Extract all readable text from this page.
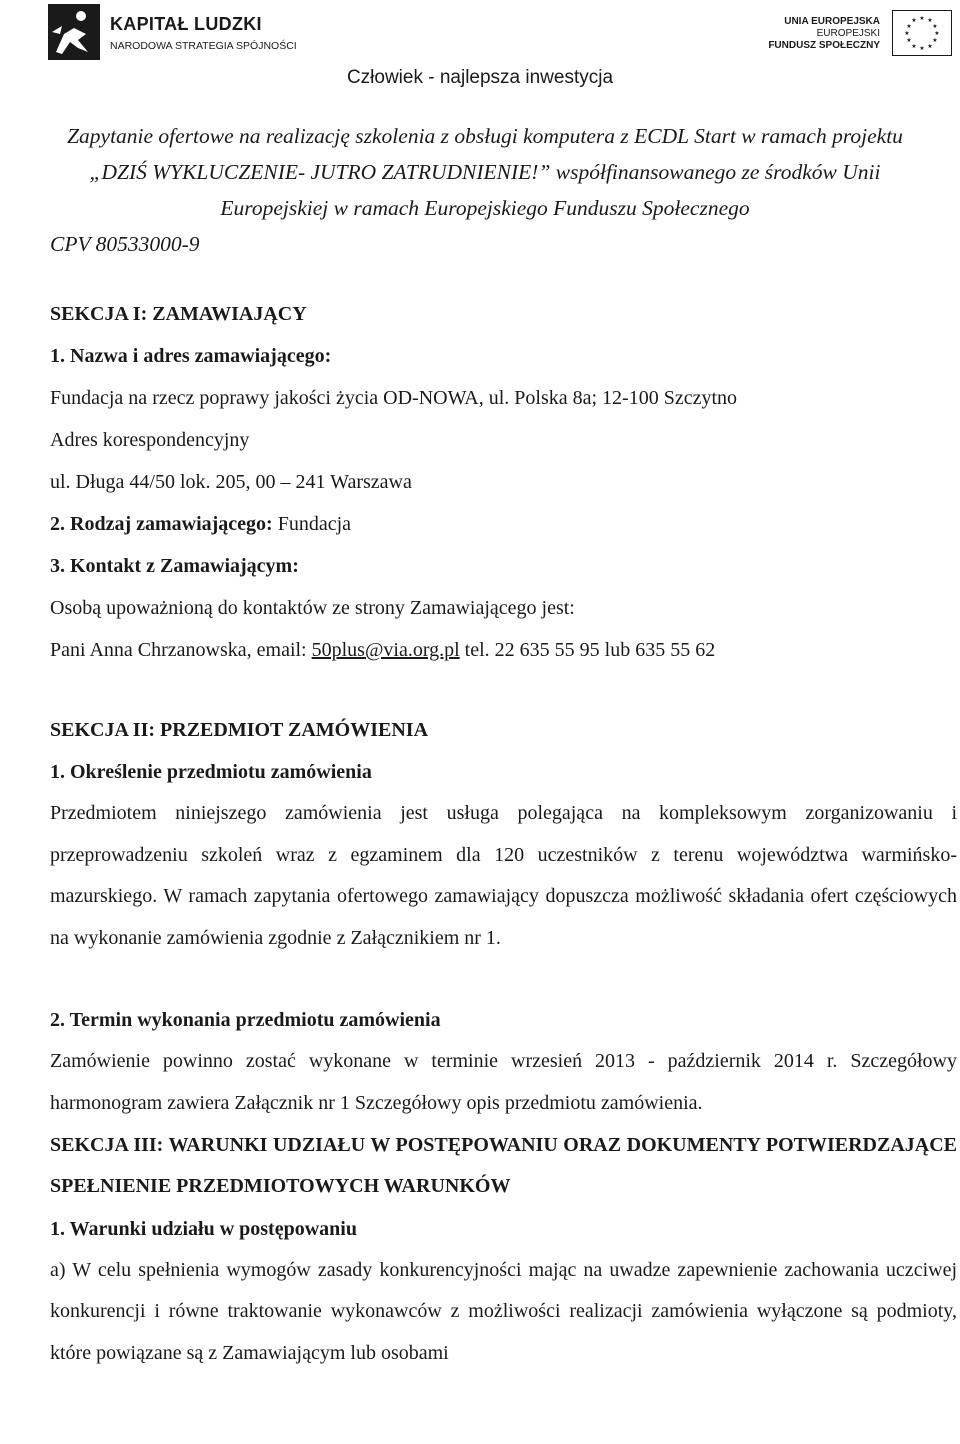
KAPITAŁ LUDZKI
NARODOWA STRATEGIA SPÓJNOŚCI
UNIA EUROPEJSKA
EUROPEJSKI
FUNDUSZ SPOŁECZNY
★ ★
★
★
★
★
★
★
★
★
★
★
Człowiek - najlepsza inwestycja
Zapytanie ofertowe na realizację szkolenia z obsługi komputera z ECDL Start w ramach projektu
„DZIŚ WYKLUCZENIE- JUTRO ZATRUDNIENIE!” współfinansowanego ze środków Unii
Europejskiej w ramach Europejskiego Funduszu Społecznego
CPV 80533000-9
SEKCJA I: ZAMAWIAJĄCY
1. Nazwa i adres zamawiającego:
Fundacja na rzecz poprawy jakości życia OD-NOWA, ul. Polska 8a; 12-100 Szczytno
Adres korespondencyjny
ul. Długa 44/50 lok. 205, 00 – 241 Warszawa
2. Rodzaj zamawiającego: Fundacja
3. Kontakt z Zamawiającym:
Osobą upoważnioną do kontaktów ze strony Zamawiającego jest:
Pani Anna Chrzanowska, email: 50plus@via.org.pl tel. 22 635 55 95 lub 635 55 62
SEKCJA II: PRZEDMIOT ZAMÓWIENIA
1. Określenie przedmiotu zamówienia
Przedmiotem niniejszego zamówienia jest usługa polegająca na kompleksowym zorganizowaniu i przeprowadzeniu szkoleń wraz z egzaminem dla 120 uczestników z terenu województwa warmińsko-mazurskiego. W ramach zapytania ofertowego zamawiający dopuszcza możliwość składania ofert częściowych na wykonanie zamówienia zgodnie z Załącznikiem nr 1.
2. Termin wykonania przedmiotu zamówienia
Zamówienie powinno zostać wykonane w terminie wrzesień 2013 - październik 2014 r. Szczegółowy harmonogram zawiera Załącznik nr 1 Szczegółowy opis przedmiotu zamówienia.
SEKCJA III: WARUNKI UDZIAŁU W POSTĘPOWANIU ORAZ DOKUMENTY POTWIERDZAJĄCE SPEŁNIENIE PRZEDMIOTOWYCH WARUNKÓW
1. Warunki udziału w postępowaniu
a) W celu spełnienia wymogów zasady konkurencyjności mając na uwadze zapewnienie zachowania uczciwej konkurencji i równe traktowanie wykonawców z możliwości realizacji zamówienia wyłączone są podmioty, które powiązane są z Zamawiającym lub osobami
